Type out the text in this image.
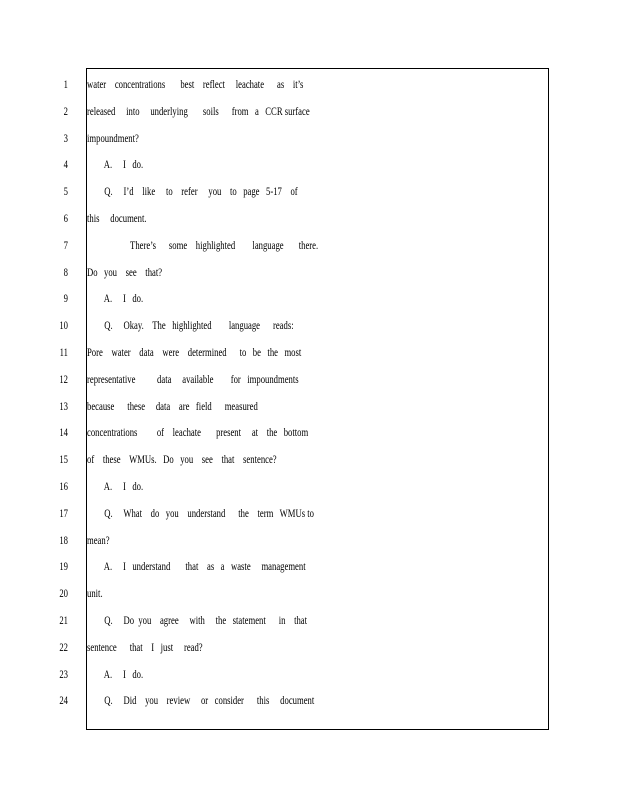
1 water    concentrations       best    reflect     leachate      as    it’s
2 released     into     underlying       soils      from   a   CCR surface
3 impoundment?
4 A.     I   do.
5 Q.     I’d    like     to    refer     you    to   page   5-17    of
6 this     document.
7 There’s      some    highlighted        language       there.
8 Do   you    see    that?
9 A.     I   do.
10 Q.     Okay.    The   highlighted        language      reads:
11 Pore    water    data    were    determined      to   be   the   most
12 representative          data     available        for   impoundments
13 because      these     data    are   field      measured
14 concentrations         of    leachate       present     at    the   bottom
15 of    these    WMUs.   Do   you    see    that    sentence?
16 A.     I   do.
17 Q.     What    do   you    understand      the    term   WMUs to
18 mean?
19 A.     I   understand       that    as   a   waste     management
20 unit.
21 Q.     Do  you    agree     with     the   statement      in    that
22 sentence      that    I   just     read?
23 A.     I   do.
24 Q.     Did    you    review     or   consider      this     document
